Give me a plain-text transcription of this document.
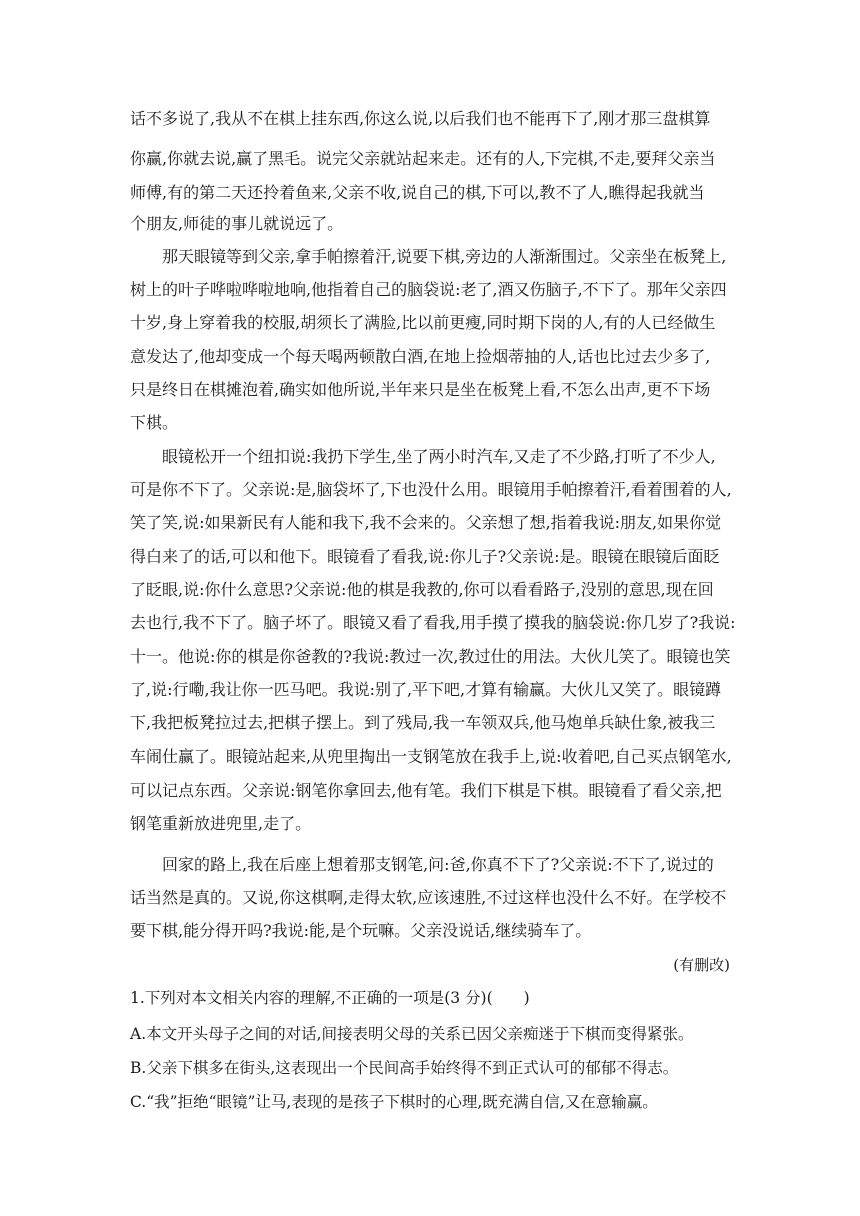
话不多说了,我从不在棋上挂东西,你这么说,以后我们也不能再下了,刚才那三盘棋算
你赢,你就去说,赢了黑毛。说完父亲就站起来走。还有的人,下完棋,不走,要拜父亲当
师傅,有的第二天还拎着鱼来,父亲不收,说自己的棋,下可以,教不了人,瞧得起我就当
个朋友,师徒的事儿就说远了。
那天眼镜等到父亲,拿手帕擦着汗,说要下棋,旁边的人渐渐围过。父亲坐在板凳上,
树上的叶子哗啦哗啦地响,他指着自己的脑袋说:老了,酒又伤脑子,不下了。那年父亲四
十岁,身上穿着我的校服,胡须长了满脸,比以前更瘦,同时期下岗的人,有的人已经做生
意发达了,他却变成一个每天喝两顿散白酒,在地上捡烟蒂抽的人,话也比过去少多了,
只是终日在棋摊泡着,确实如他所说,半年来只是坐在板凳上看,不怎么出声,更不下场
下棋。
眼镜松开一个纽扣说:我扔下学生,坐了两小时汽车,又走了不少路,打听了不少人,
可是你不下了。父亲说:是,脑袋坏了,下也没什么用。眼镜用手帕擦着汗,看着围着的人,
笑了笑,说:如果新民有人能和我下,我不会来的。父亲想了想,指着我说:朋友,如果你觉
得白来了的话,可以和他下。眼镜看了看我,说:你儿子?父亲说:是。眼镜在眼镜后面眨
了眨眼,说:你什么意思?父亲说:他的棋是我教的,你可以看看路子,没别的意思,现在回
去也行,我不下了。脑子坏了。眼镜又看了看我,用手摸了摸我的脑袋说:你几岁了?我说:
十一。他说:你的棋是你爸教的?我说:教过一次,教过仕的用法。大伙儿笑了。眼镜也笑
了,说:行嘞,我让你一匹马吧。我说:别了,平下吧,才算有输赢。大伙儿又笑了。眼镜蹲
下,我把板凳拉过去,把棋子摆上。到了残局,我一车领双兵,他马炮单兵缺仕象,被我三
车闹仕赢了。眼镜站起来,从兜里掏出一支钢笔放在我手上,说:收着吧,自己买点钢笔水,
可以记点东西。父亲说:钢笔你拿回去,他有笔。我们下棋是下棋。眼镜看了看父亲,把
钢笔重新放进兜里,走了。
回家的路上,我在后座上想着那支钢笔,问:爸,你真不下了?父亲说:不下了,说过的
话当然是真的。又说,你这棋啊,走得太软,应该速胜,不过这样也没什么不好。在学校不
要下棋,能分得开吗?我说:能,是个玩嘛。父亲没说话,继续骑车了。
(有删改)
1.下列对本文相关内容的理解,不正确的一项是(3 分)(　　)
A.本文开头母子之间的对话,间接表明父母的关系已因父亲痴迷于下棋而变得紧张。
B.父亲下棋多在街头,这表现出一个民间高手始终得不到正式认可的郁郁不得志。
C.“我”拒绝“眼镜”让马,表现的是孩子下棋时的心理,既充满自信,又在意输赢。
